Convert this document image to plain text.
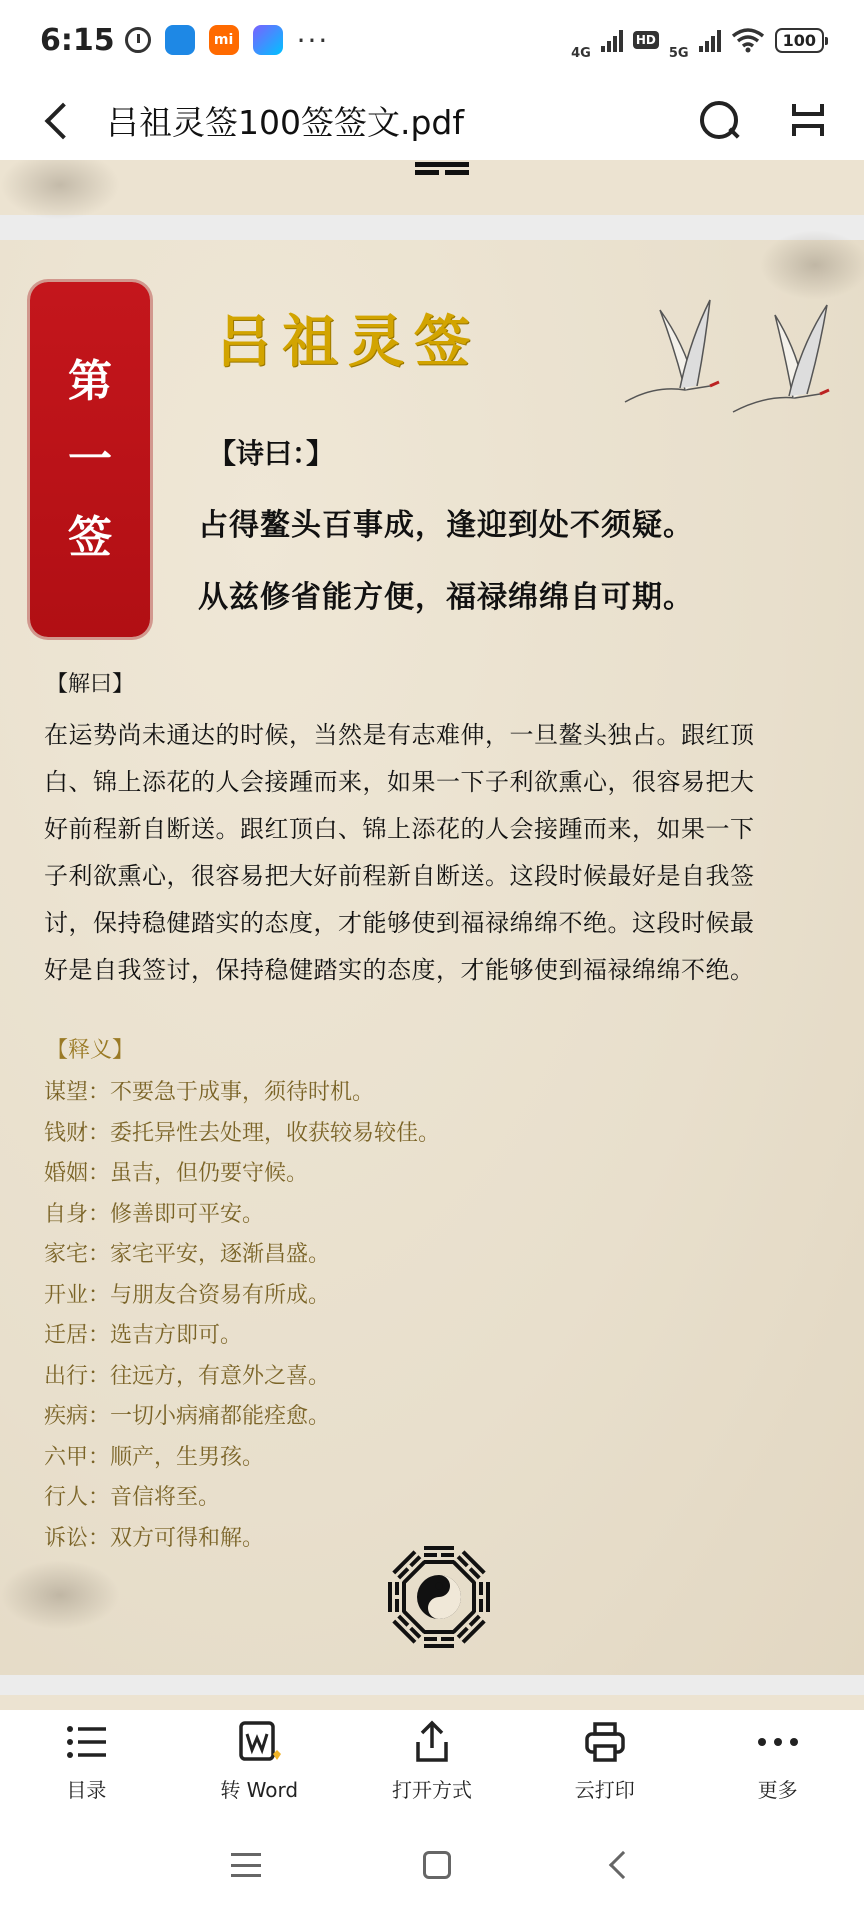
6:15	mi ···	4G
HD
5G
100
吕祖灵签100签签文.pdf
第
一
签
吕祖灵签
【诗曰：】
占得鳌头百事成，逢迎到处不须疑。
从兹修省能方便，福禄绵绵自可期。
【解曰】
在运势尚未通达的时候，当然是有志难伸，一旦鳌头独占。跟红顶
白、锦上添花的人会接踵而来，如果一下子利欲熏心，很容易把大
好前程新自断送。跟红顶白、锦上添花的人会接踵而来，如果一下
子利欲熏心，很容易把大好前程新自断送。这段时候最好是自我签
讨，保持稳健踏实的态度，才能够使到福禄绵绵不绝。这段时候最
好是自我签讨，保持稳健踏实的态度，才能够使到福禄绵绵不绝。
【释义】
谋望：不要急于成事，须待时机。
钱财：委托异性去处理，收获较易较佳。
婚姻：虽吉，但仍要守候。
自身：修善即可平安。
家宅：家宅平安，逐渐昌盛。
开业：与朋友合资易有所成。
迁居：选吉方即可。
出行：往远方，有意外之喜。
疾病：一切小病痛都能痊愈。
六甲：顺产，生男孩。
行人：音信将至。
诉讼：双方可得和解。
目录	转 Word	打开方式	云打印	更多
